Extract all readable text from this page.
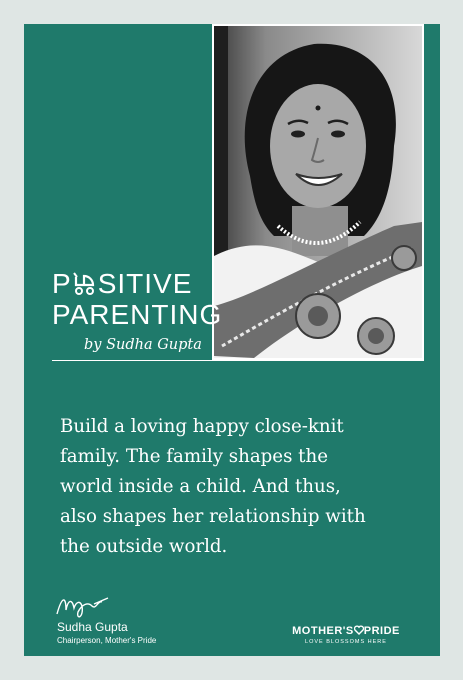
P SITIVE
PARENTING
by Sudha Gupta

Build a loving happy close-knit
family. The family shapes the
world inside a child. And thus,
also shapes her relationship with
the outside world.

Sudha Gupta
Chairperson, Mother's Pride
MOTHER'S PRIDE
LOVE BLOSSOMS HERE
